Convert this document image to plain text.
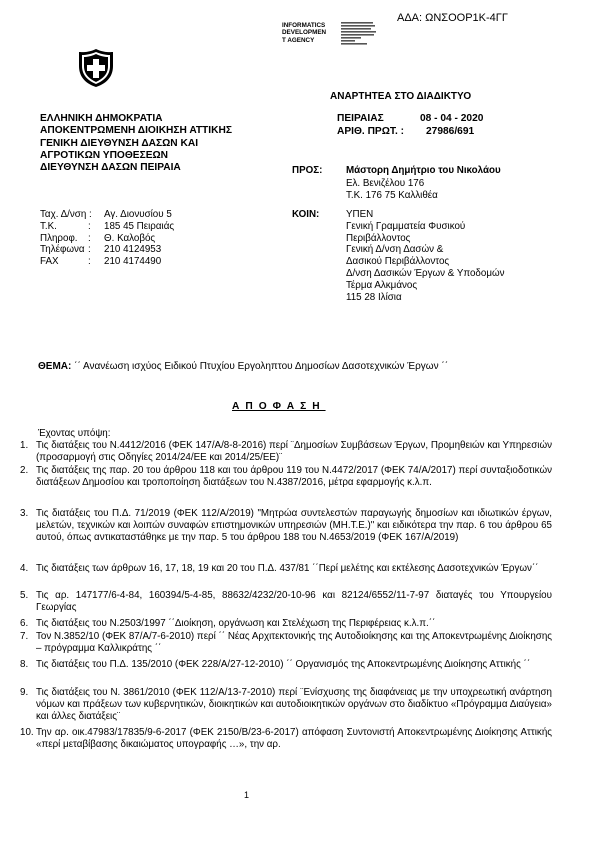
ΑΔΑ: ΩΝΣΟΟΡ1Κ-4ΓΓ
INFORMATICS
DEVELOPMEN
T AGENCY
ΑΝΑΡΤΗΤΕΑ ΣΤΟ ΔΙΑΔΙΚΤΥΟ
ΕΛΛΗΝΙΚΗ ΔΗΜΟΚΡΑΤΙΑ
ΑΠΟΚΕΝΤΡΩΜΕΝΗ ΔΙΟΙΚΗΣΗ ΑΤΤΙΚΗΣ
ΓΕΝΙΚΗ ΔΙΕΥΘΥΝΣΗ ΔΑΣΩΝ ΚΑΙ
ΑΓΡΟΤΙΚΩΝ ΥΠΟΘΕΣΕΩΝ
ΔΙΕΥΘΥΝΣΗ ΔΑΣΩΝ ΠΕΙΡΑΙΑ
ΠΕΙΡΑΙΑΣ	08 - 04 - 2020
ΑΡΙΘ. ΠΡΩΤ. : 27986/691
ΠΡΟΣ: Μάστορη Δημήτριο του Νικολάου
Ελ. Βενιζέλου 176
Τ.Κ. 176 75 Καλλιθέα
Ταχ. Δ/νση : Αγ. Διονυσίου 5
Τ.Κ.	: 185 45 Πειραιάς
Πληροφ. : Θ. Καλοβός
Τηλέφωνα : 210 4124953
FAX	: 210 4174490
ΚΟΙΝ:	ΥΠΕΝ
Γενική Γραμματεία Φυσικού
Περιβάλλοντος
Γενική Δ/νση Δασών &
Δασικού Περιβάλλοντος
Δ/νση Δασικών Έργων & Υποδομών
Τέρμα Αλκμάνος
115 28 Ιλίσια
ΘΕΜΑ: ΄΄ Ανανέωση ισχύος Ειδικού Πτυχίου Εργοληπτου Δημοσίων Δασοτεχνικών Έργων ΄΄
ΑΠΟΦΑΣΗ
Έχοντας υπόψη:
1. Τις διατάξεις του Ν.4412/2016 (ΦΕΚ 147/Α/8-8-2016) περί ¨Δημοσίων Συμβάσεων Έργων, Προμηθειών και Υπηρεσιών (προσαρμογή στις Οδηγίες 2014/24/ΕΕ και 2014/25/ΕΕ)¨
2. Τις διατάξεις της παρ. 20 του άρθρου 118 και του άρθρου 119 του Ν.4472/2017 (ΦΕΚ 74/Α/2017) περί συνταξιοδοτικών διατάξεων Δημοσίου και τροποποίηση διατάξεων του Ν.4387/2016, μέτρα εφαρμογής κ.λ.π.
3. Τις διατάξεις του Π.Δ. 71/2019 (ΦΕΚ 112/Α/2019) "Μητρώα συντελεστών παραγωγής δημοσίων και ιδιωτικών έργων, μελετών, τεχνικών και λοιπών συναφών επιστημονικών υπηρεσιών (ΜΗ.Τ.Ε.)" και ειδικότερα την παρ. 6 του άρθρου 65 αυτού, όπως αντικαταστάθηκε με την παρ. 5 του άρθρου 188 του Ν.4653/2019 (ΦΕΚ 167/Α/2019)
4. Τις διατάξεις των άρθρων 16, 17, 18, 19 και 20 του Π.Δ. 437/81 ΄΄Περί μελέτης και εκτέλεσης Δασοτεχνικών Έργων΄΄
5. Τις αρ. 147177/6-4-84, 160394/5-4-85, 88632/4232/20-10-96 και 82124/6552/11-7-97 διαταγές του Υπουργείου Γεωργίας
6. Τις διατάξεις του Ν.2503/1997 ΄΄Διοίκηση, οργάνωση και Στελέχωση της Περιφέρειας κ.λ.π.΄΄
7. Τον Ν.3852/10 (ΦΕΚ 87/Α/7-6-2010) περί ΄΄ Νέας Αρχιτεκτονικής της Αυτοδιοίκησης και της Αποκεντρωμένης Διοίκησης – πρόγραμμα Καλλικράτης ΄΄
8. Τις διατάξεις του Π.Δ. 135/2010 (ΦΕΚ 228/Α/27-12-2010) ΄΄ Οργανισμός της Αποκεντρωμένης Διοίκησης Αττικής ΄΄
9. Τις διατάξεις του Ν. 3861/2010 (ΦΕΚ 112/Α/13-7-2010) περί ¨Ενίσχυσης της διαφάνειας με την υποχρεωτική ανάρτηση νόμων και πράξεων των κυβερνητικών, διοικητικών και αυτοδιοικητικών οργάνων στο διαδίκτυο «Πρόγραμμα Διαύγεια» και άλλες διατάξεις¨
10. Την αρ. οικ.47983/17835/9-6-2017 (ΦΕΚ 2150/Β/23-6-2017) απόφαση Συντονιστή Αποκεντρωμένης Διοίκησης Αττικής «περί μεταβίβασης δικαιώματος υπογραφής …», την αρ.
1
